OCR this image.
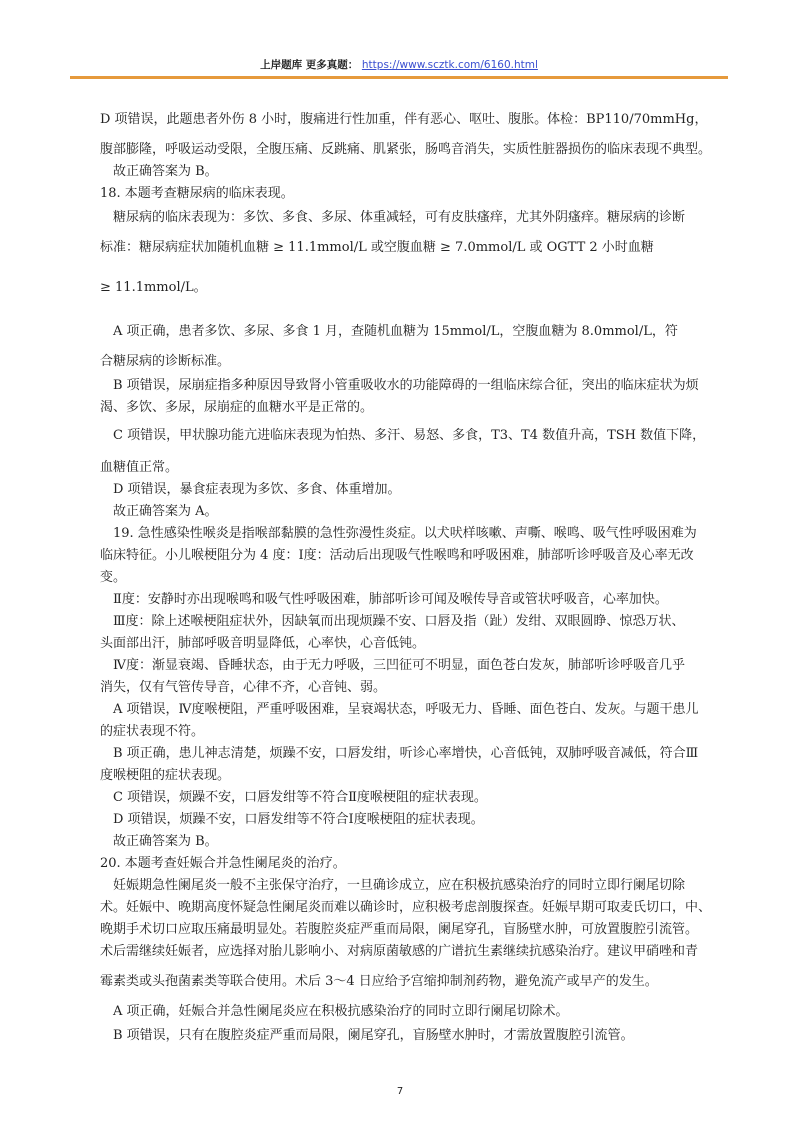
上岸题库 更多真题： https://www.scztk.com/6160.html
D 项错误，此题患者外伤 8 小时，腹痛进行性加重，伴有恶心、呕吐、腹胀。体检：BP110/70mmHg，
腹部膨隆，呼吸运动受限，全腹压痛、反跳痛、肌紧张，肠鸣音消失，实质性脏器损伤的临床表现不典型。
故正确答案为 B。
18. 本题考查糖尿病的临床表现。
糖尿病的临床表现为：多饮、多食、多尿、体重减轻，可有皮肤瘙痒，尤其外阴瘙痒。糖尿病的诊断
标准：糖尿病症状加随机血糖 ≥ 11.1mmol/L 或空腹血糖 ≥ 7.0mmol/L 或 OGTT 2 小时血糖
≥ 11.1mmol/L。
A 项正确，患者多饮、多尿、多食 1 月，查随机血糖为 15mmol/L，空腹血糖为 8.0mmol/L，符
合糖尿病的诊断标准。
B 项错误，尿崩症指多种原因导致肾小管重吸收水的功能障碍的一组临床综合征，突出的临床症状为烦
渴、多饮、多尿，尿崩症的血糖水平是正常的。
C 项错误，甲状腺功能亢进临床表现为怕热、多汗、易怒、多食，T3、T4 数值升高，TSH 数值下降，
血糖值正常。
D 项错误，暴食症表现为多饮、多食、体重增加。
故正确答案为 A。
19. 急性感染性喉炎是指喉部黏膜的急性弥漫性炎症。以犬吠样咳嗽、声嘶、喉鸣、吸气性呼吸困难为
临床特征。小儿喉梗阻分为 4 度：Ⅰ度：活动后出现吸气性喉鸣和呼吸困难，肺部听诊呼吸音及心率无改
变。
Ⅱ度：安静时亦出现喉鸣和吸气性呼吸困难，肺部听诊可闻及喉传导音或管状呼吸音，心率加快。
Ⅲ度：除上述喉梗阻症状外，因缺氧而出现烦躁不安、口唇及指（趾）发绀、双眼圆睁、惊恐万状、
头面部出汗，肺部呼吸音明显降低，心率快，心音低钝。
Ⅳ度：渐显衰竭、昏睡状态，由于无力呼吸，三凹征可不明显，面色苍白发灰，肺部听诊呼吸音几乎
消失，仅有气管传导音，心律不齐，心音钝、弱。
A 项错误，Ⅳ度喉梗阻，严重呼吸困难，呈衰竭状态，呼吸无力、昏睡、面色苍白、发灰。与题干患儿
的症状表现不符。
B 项正确，患儿神志清楚，烦躁不安，口唇发绀，听诊心率增快，心音低钝，双肺呼吸音减低，符合Ⅲ
度喉梗阻的症状表现。
C 项错误，烦躁不安，口唇发绀等不符合Ⅱ度喉梗阻的症状表现。
D 项错误，烦躁不安，口唇发绀等不符合Ⅰ度喉梗阻的症状表现。
故正确答案为 B。
20. 本题考查妊娠合并急性阑尾炎的治疗。
妊娠期急性阑尾炎一般不主张保守治疗，一旦确诊成立，应在积极抗感染治疗的同时立即行阑尾切除
术。妊娠中、晚期高度怀疑急性阑尾炎而难以确诊时，应积极考虑剖腹探查。妊娠早期可取麦氏切口，中、
晚期手术切口应取压痛最明显处。若腹腔炎症严重而局限，阑尾穿孔，盲肠壁水肿，可放置腹腔引流管。
术后需继续妊娠者，应选择对胎儿影响小、对病原菌敏感的广谱抗生素继续抗感染治疗。建议甲硝唑和青
霉素类或头孢菌素类等联合使用。术后 3～4 日应给予宫缩抑制剂药物，避免流产或早产的发生。
A 项正确，妊娠合并急性阑尾炎应在积极抗感染治疗的同时立即行阑尾切除术。
B 项错误，只有在腹腔炎症严重而局限，阑尾穿孔，盲肠壁水肿时，才需放置腹腔引流管。
7
